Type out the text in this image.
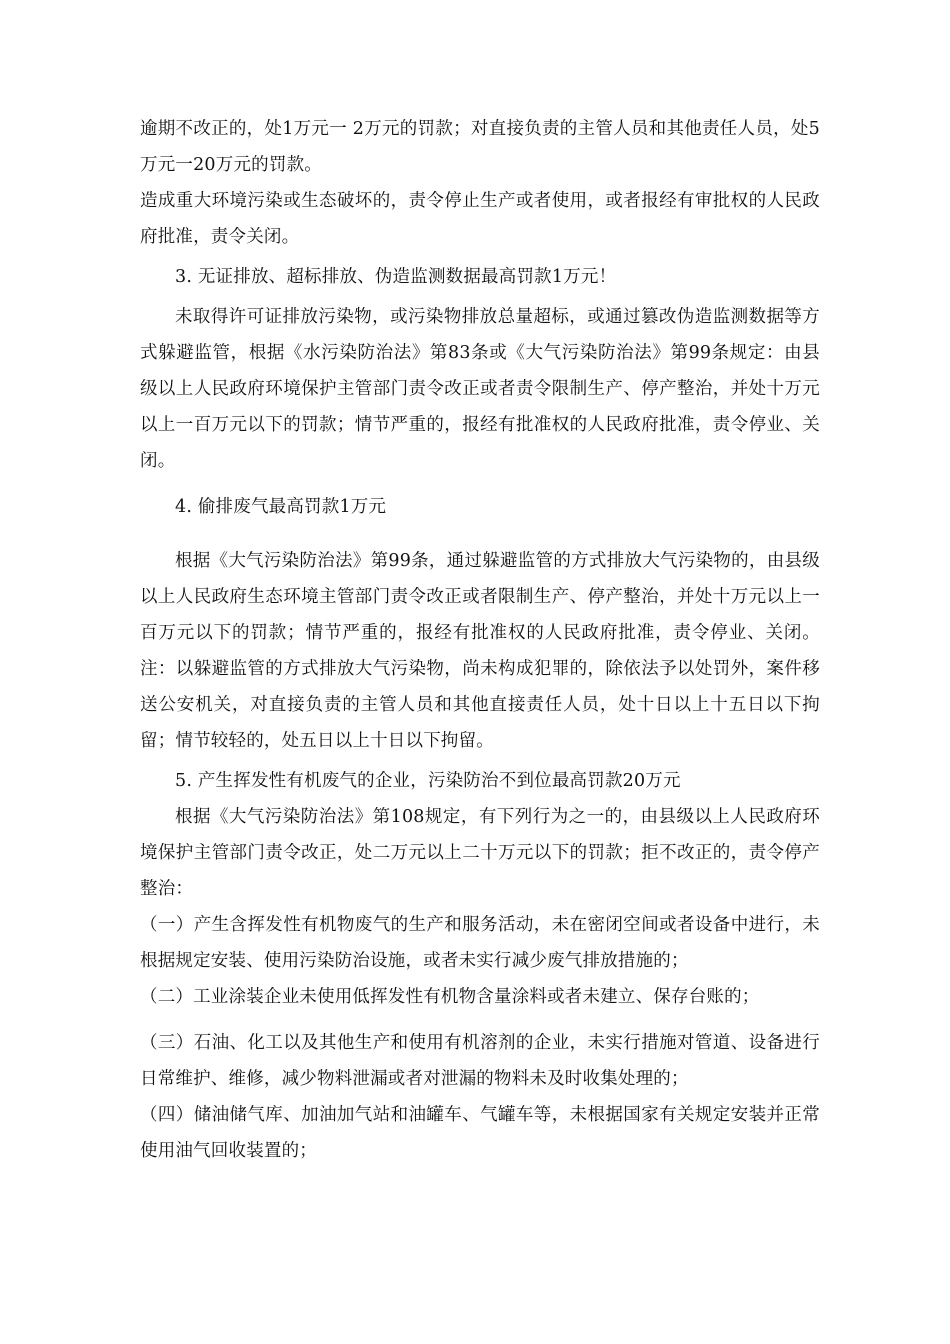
逾期不改正的，处1万元一 2万元的罚款；对直接负责的主管人员和其他责任人员，处5万元一20万元的罚款。

造成重大环境污染或生态破坏的，责令停止生产或者使用，或者报经有审批权的人民政府批准，责令关闭。

3. 无证排放、超标排放、伪造监测数据最高罚款1万元！

未取得许可证排放污染物，或污染物排放总量超标，或通过篡改伪造监测数据等方式躲避监管，根据《水污染防治法》第83条或《大气污染防治法》第99条规定：由县级以上人民政府环境保护主管部门责令改正或者责令限制生产、停产整治，并处十万元以上一百万元以下的罚款；情节严重的，报经有批准权的人民政府批准，责令停业、关闭。

4. 偷排废气最高罚款1万元

根据《大气污染防治法》第99条，通过躲避监管的方式排放大气污染物的，由县级以上人民政府生态环境主管部门责令改正或者限制生产、停产整治，并处十万元以上一百万元以下的罚款；情节严重的，报经有批准权的人民政府批准，责令停业、关闭。注：以躲避监管的方式排放大气污染物，尚未构成犯罪的，除依法予以处罚外，案件移送公安机关，对直接负责的主管人员和其他直接责任人员，处十日以上十五日以下拘留；情节较轻的，处五日以上十日以下拘留。

5. 产生挥发性有机废气的企业，污染防治不到位最高罚款20万元

根据《大气污染防治法》第108规定，有下列行为之一的，由县级以上人民政府环境保护主管部门责令改正，处二万元以上二十万元以下的罚款；拒不改正的，责令停产整治：

（一）产生含挥发性有机物废气的生产和服务活动，未在密闭空间或者设备中进行，未根据规定安装、使用污染防治设施，或者未实行减少废气排放措施的；

（二）工业涂装企业未使用低挥发性有机物含量涂料或者未建立、保存台账的；

（三）石油、化工以及其他生产和使用有机溶剂的企业，未实行措施对管道、设备进行日常维护、维修，减少物料泄漏或者对泄漏的物料未及时收集处理的；

（四）储油储气库、加油加气站和油罐车、气罐车等，未根据国家有关规定安装并正常使用油气回收装置的；
